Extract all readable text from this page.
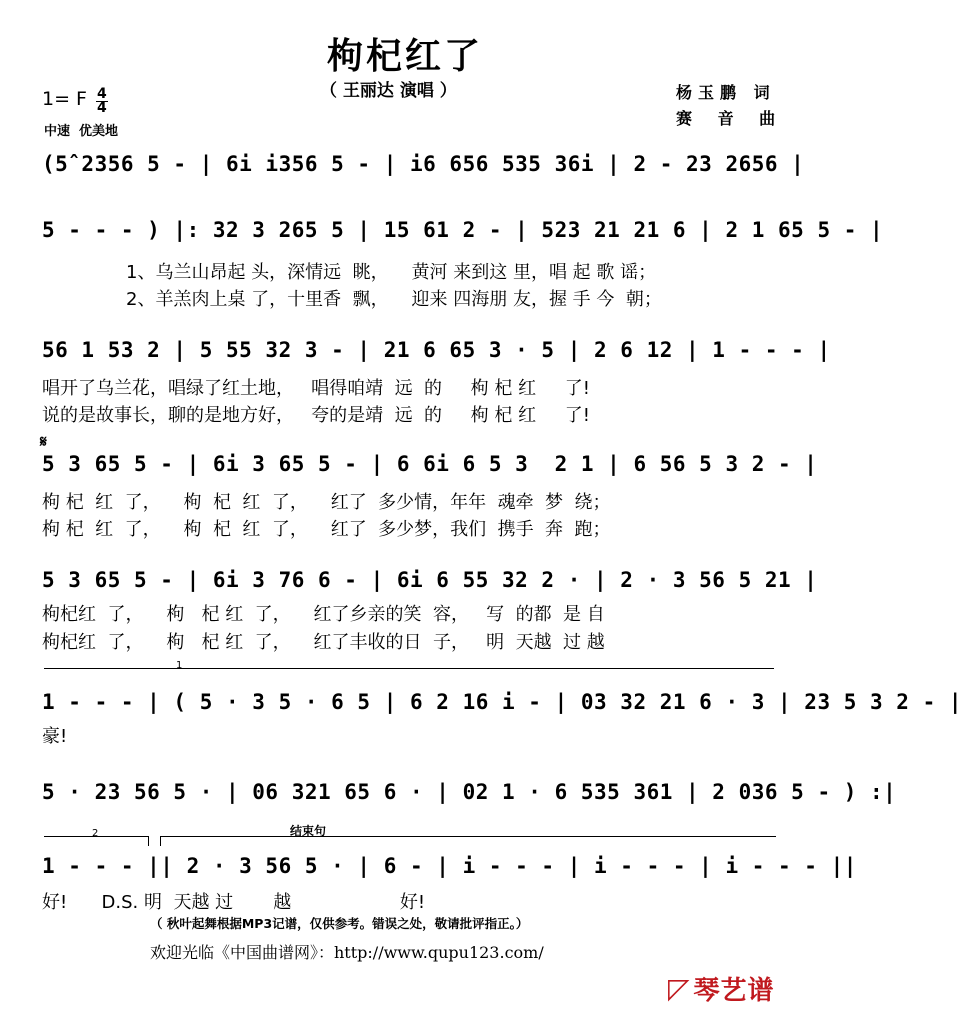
枸杞红了
（ 王丽达 演唱 ）
1= F $\frac{4}{4}$
中速  优美地
杨玉鹏 词
赛 音 曲
𝄋
(5̂ 2356 5 - | 6i i356 5 - | i6 656 535 36i | 2 - 23 2656 |
5 - - - ) |: 32 3 265 5 | 15 61 2 - | 523 21 21 6 | 2 1 65 5 - |
1、乌兰山昂起 头，深情远  眺，    黄河 来到这 里，唱 起 歌 谣；
2、羊羔肉上桌 了，十里香  飘，    迎来 四海朋 友，握 手 今  朝；
56 1 53 2 | 5 55 32 3 - | 21 6 65 3 · 5 | 2 6 12 | 1 - - - |
唱开了乌兰花，唱绿了红土地，   唱得咱靖  远  的     枸 杞 红     了!
说的是故事长，聊的是地方好，   夸的是靖  远  的     枸 杞 红     了!
5 3 65 5 - | 6i 3 65 5 - | 6 6i 6 5 3  2 1 | 6 56 5 3 2 - |
枸 杞  红  了，    枸  杞  红  了，    红了  多少情，年年  魂牵  梦  绕；
枸 杞  红  了，    枸  杞  红  了，    红了  多少梦，我们  携手  奔  跑；
5 3 65 5 - | 6i 3 76 6 - | 6i 6 55 32 2 · | 2 · 3 56 5 21 |
枸杞红  了，    枸   杞 红  了，    红了乡亲的笑  容，   写  的都  是 自
枸杞红  了，    枸   杞 红  了，    红了丰收的日  子，   明  天越  过 越
1
1 - - - | ( 5 · 3 5 · 6 5 | 6 2 16 i - | 03 32 21 6 · 3 | 23 5 3 2 - |
豪!
5 · 23 56 5 · | 06 321 65 6 · | 02 1 · 6 535 361 | 2 036 5 - ) :|
2	结束句
1 - - - || 2 · 3 56 5 · | 6 - | i - - - | i - - - | i - - - ||
好!      D.S. 明  天越 过       越                   好!
（ 秋叶起舞根据MP3记谱，仅供参考。错误之处，敬请批评指正。）
欢迎光临《中国曲谱网》：http://www.qupu123.com/
◸ 琴艺谱
